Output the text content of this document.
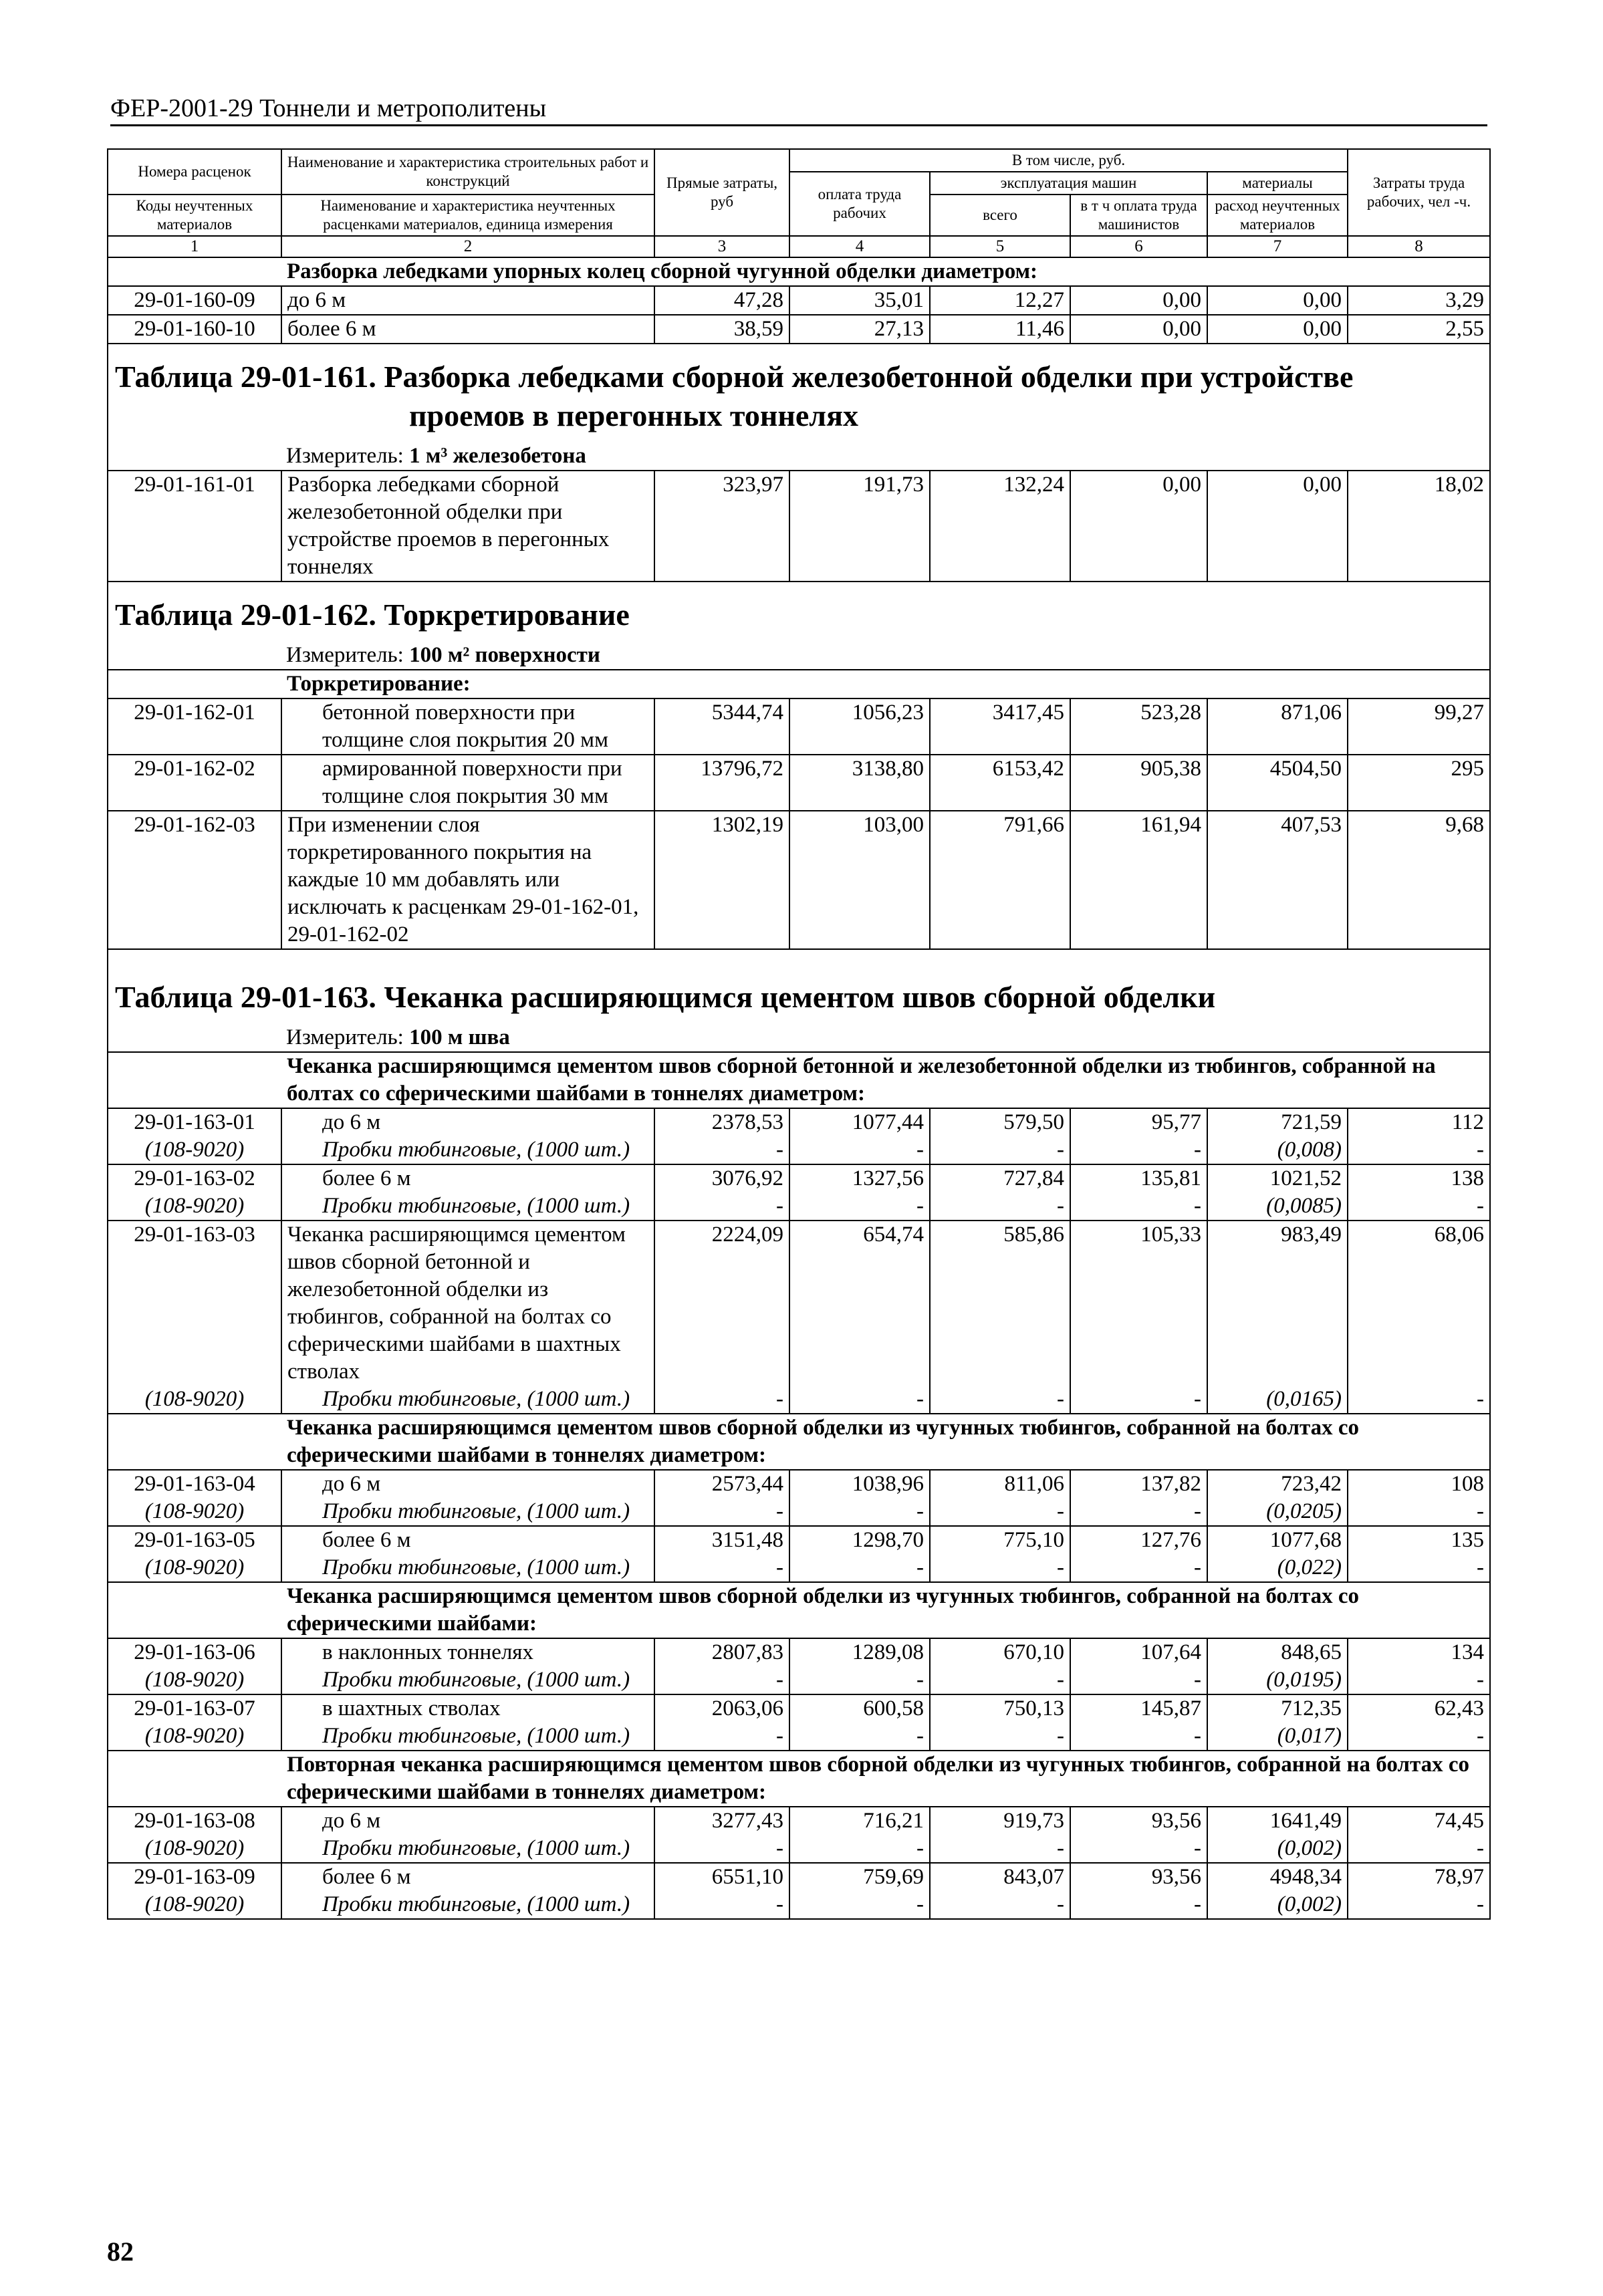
ФЕР-2001-29 Тоннели и метрополитены
Номера расценок	Наименование и характеристика строительных работ и конструкций	Прямые затраты, руб	В том числе, руб.				Затраты труда рабочих, чел -ч.
			оплата труда рабочих	эксплуатация машин		материалы	
				всего	в т ч оплата труда машинистов	расход неучтенных материалов	
Коды неучтенных материалов	Наименование и характеристика неучтенных расценками материалов, единица измерения						

1	2	3	4	5	6	7	8
	Разборка лебедками упорных колец сборной чугунной обделки диаметром:						
29-01-160-09	до 6 м	47,28	35,01	12,27	0,00	0,00	3,29
29-01-160-10	более 6 м	38,59	27,13	11,46	0,00	0,00	2,55
Таблица 29-01-161. Разборка лебедками сборной железобетонной обделки при устройстве
проемов в перегонных тоннелях							

Измеритель: 1 м³ железобетона							
29-01-161-01	Разборка лебедками сборной железобетонной обделки при устройстве проемов в перегонных тоннелях	323,97	191,73	132,24	0,00	0,00	18,02
Таблица 29-01-162. Торкретирование							
Измеритель: 100 м² поверхности							
	Торкретирование:						
29-01-162-01	бетонной поверхности при толщине слоя покрытия 20 мм	5344,74	1056,23	3417,45	523,28	871,06	99,27
29-01-162-02	армированной поверхности при толщине слоя покрытия 30 мм	13796,72	3138,80	6153,42	905,38	4504,50	295
29-01-162-03	При изменении слоя торкретированного покрытия на каждые 10 мм добавлять или исключать к расценкам 29-01-162-01, 29-01-162-02	1302,19	103,00	791,66	161,94	407,53	9,68

Таблица 29-01-163. Чеканка расширяющимся цементом швов сборной обделки							
Измеритель: 100 м шва							
	Чеканка расширяющимся цементом швов сборной бетонной и железобетонной обделки из тюбингов, собранной на болтах со сферическими шайбами в тоннелях диаметром:						
29-01-163-01	до 6 м	2378,53	1077,44	579,50	95,77	721,59	112
(108-9020)	Пробки тюбинговые, (1000 шт.)	-	-	-	-	(0,008)	-
29-01-163-02	более 6 м	3076,92	1327,56	727,84	135,81	1021,52	138
(108-9020)	Пробки тюбинговые, (1000 шт.)	-	-	-	-	(0,0085)	-
29-01-163-03	Чеканка расширяющимся цементом швов сборной бетонной и железобетонной обделки из тюбингов, собранной на болтах со сферическими шайбами в шахтных стволах	2224,09	654,74	585,86	105,33	983,49	68,06
(108-9020)	Пробки тюбинговые, (1000 шт.)	-	-	-	-	(0,0165)	-
	Чеканка расширяющимся цементом швов сборной обделки из чугунных тюбингов, собранной на болтах со сферическими шайбами в тоннелях диаметром:						
29-01-163-04	до 6 м	2573,44	1038,96	811,06	137,82	723,42	108
(108-9020)	Пробки тюбинговые, (1000 шт.)	-	-	-	-	(0,0205)	-
29-01-163-05	более 6 м	3151,48	1298,70	775,10	127,76	1077,68	135
(108-9020)	Пробки тюбинговые, (1000 шт.)	-	-	-	-	(0,022)	-
	Чеканка расширяющимся цементом швов сборной обделки из чугунных тюбингов, собранной на болтах со сферическими шайбами:						
29-01-163-06	в наклонных тоннелях	2807,83	1289,08	670,10	107,64	848,65	134
(108-9020)	Пробки тюбинговые, (1000 шт.)	-	-	-	-	(0,0195)	-
29-01-163-07	в шахтных стволах	2063,06	600,58	750,13	145,87	712,35	62,43
(108-9020)	Пробки тюбинговые, (1000 шт.)	-	-	-	-	(0,017)	-
	Повторная чеканка расширяющимся цементом швов сборной обделки из чугунных тюбингов, собранной на болтах со сферическими шайбами в тоннелях диаметром:						
29-01-163-08	до 6 м	3277,43	716,21	919,73	93,56	1641,49	74,45
(108-9020)	Пробки тюбинговые, (1000 шт.)	-	-	-	-	(0,002)	-
29-01-163-09	более 6 м	6551,10	759,69	843,07	93,56	4948,34	78,97
(108-9020)	Пробки тюбинговые, (1000 шт.)	-	-	-	-	(0,002)	-
82
